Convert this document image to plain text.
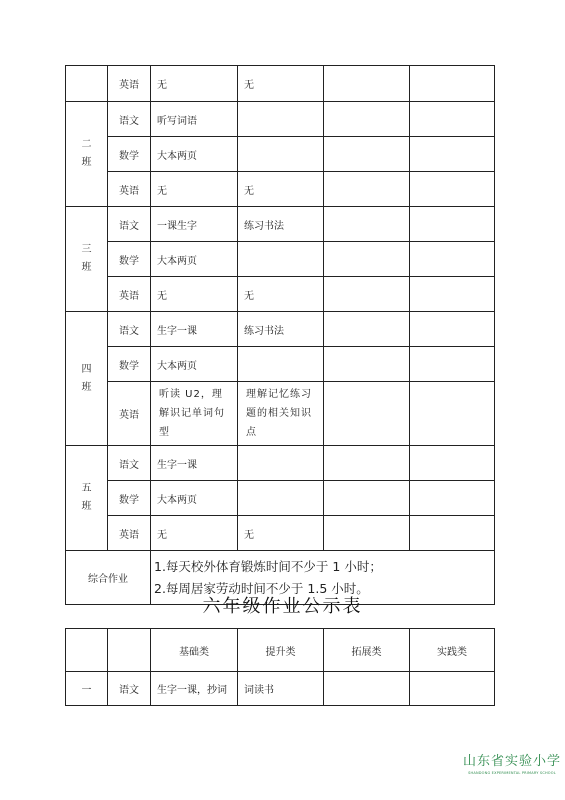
	英语	无	无		

二
班	语文	听写词语			
	数学	大本两页			
	英语	无	无		

三
班	语文	一课生字	练习书法		
	数学	大本两页			
	英语	无	无		

四
班	语文	生字一课	练习书法		
	数学	大本两页			
	英语	听读 U2，理解识记单词句型	理解记忆练习题的相关知识点		

五
班	语文	生字一课			
	数学	大本两页			
	英语	无	无		
综合作业		1.每天校外体育锻炼时间不少于 1 小时；
2.每周居家劳动时间不少于 1.5 小时。			
六年级作业公示表
		基础类	提升类	拓展类	实践类
一	语文	生字一课，抄词	词读书		
山东省实验小学
SHANDONG EXPERIMENTAL PRIMARY SCHOOL
